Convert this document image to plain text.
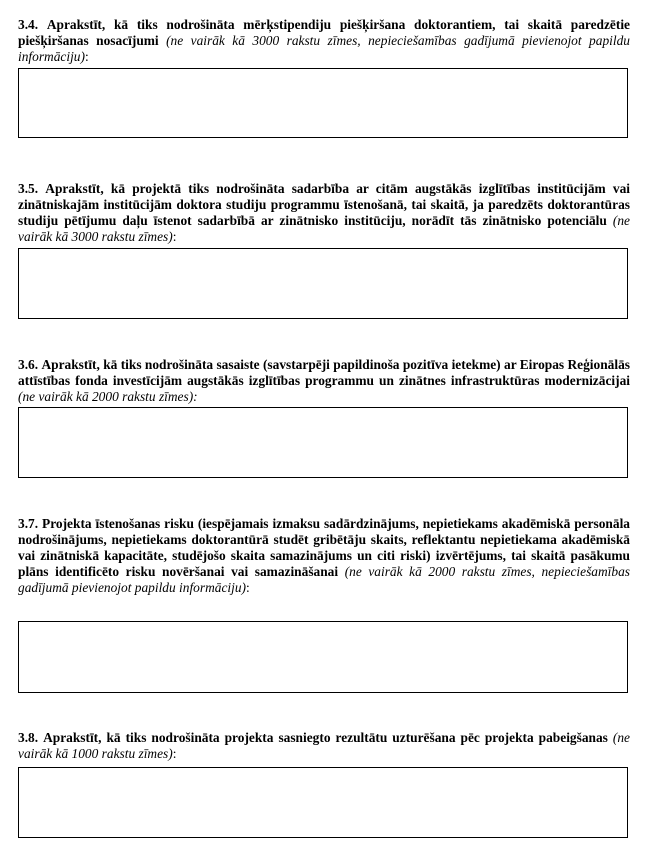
3.4. Aprakstīt, kā tiks nodrošināta mērķstipendiju piešķiršana doktorantiem, tai skaitā paredzētie piešķiršanas nosacījumi (ne vairāk kā 3000 rakstu zīmes, nepieciešamības gadījumā pievienojot papildu informāciju):

3.5. Aprakstīt, kā projektā tiks nodrošināta sadarbība ar citām augstākās izglītības institūcijām vai zinātniskajām institūcijām doktora studiju programmu īstenošanā, tai skaitā, ja paredzēts doktorantūras studiju pētījumu daļu īstenot sadarbībā ar zinātnisko institūciju, norādīt tās zinātnisko potenciālu (ne vairāk kā 3000 rakstu zīmes):

3.6. Aprakstīt, kā tiks nodrošināta sasaiste (savstarpēji papildinoša pozitīva ietekme) ar Eiropas Reģionālās attīstības fonda investīcijām augstākās izglītības programmu un zinātnes infrastruktūras modernizācijai (ne vairāk kā 2000 rakstu zīmes):

3.7. Projekta īstenošanas risku (iespējamais izmaksu sadārdzinājums, nepietiekams akadēmiskā personāla nodrošinājums, nepietiekams doktorantūrā studēt gribētāju skaits, reflektantu nepietiekama akadēmiskā vai zinātniskā kapacitāte, studējošo skaita samazinājums un citi riski) izvērtējums, tai skaitā pasākumu plāns identificēto risku novēršanai vai samazināšanai (ne vairāk kā 2000 rakstu zīmes, nepieciešamības gadījumā pievienojot papildu informāciju):

3.8. Aprakstīt, kā tiks nodrošināta projekta sasniegto rezultātu uzturēšana pēc projekta pabeigšanas (ne vairāk kā 1000 rakstu zīmes):
